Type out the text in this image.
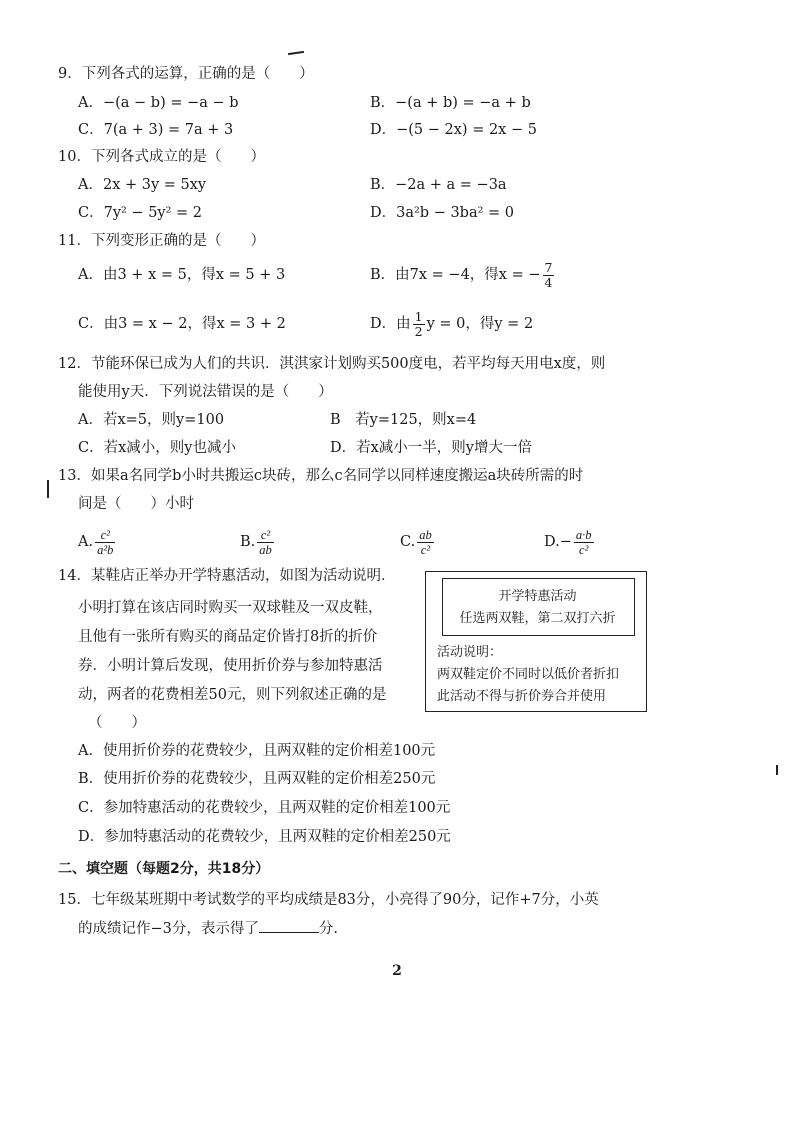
9．下列各式的运算，正确的是（　　）
A．−(a − b) = −a − b	B．−(a + b) = −a + b
C．7(a + 3) = 7a + 3	D．−(5 − 2x) = 2x − 5
10．下列各式成立的是（　　）
A．2x + 3y = 5xy	B．−2a + a = −3a
C．7y² − 5y² = 2	D．3a²b − 3ba² = 0
11．下列变形正确的是（　　）
A．由3 + x = 5，得x = 5 + 3	B．由7x = −4，得x = − $\frac{7}{4}$
C．由3 = x − 2，得x = 3 + 2	D．由 $\frac{1}{2}$ y = 0，得y = 2
12．节能环保已成为人们的共识．淇淇家计划购买500度电，若平均每天用电x度，则
能使用y天．下列说法错误的是（　　）
A．若x=5，则y=100	B　若y=125，则x=4
C．若x减小，则y也减小	D．若x减小一半，则y增大一倍
13．如果a名同学b小时共搬运c块砖，那么c名同学以同样速度搬运a块砖所需的时
间是（　　）小时
A. $\frac{\text{c²}}{\text{a²b}}$	B. $\frac{\text{c²}}{ab}$	C. $\frac{ab}{\text{c²}}$	$D.- \frac{a\cdot b}{\text{c²}}$
14．某鞋店正举办开学特惠活动，如图为活动说明．
小明打算在该店同时购买一双球鞋及一双皮鞋，
且他有一张所有购买的商品定价皆打8折的折价
券．小明计算后发现，使用折价券与参加特惠活
动，两者的花费相差50元，则下列叙述正确的是
（　　）
开学特惠活动
任选两双鞋，第二双打六折
活动说明：
两双鞋定价不同时以低价者折扣
此活动不得与折价券合并使用
A．使用折价券的花费较少，且两双鞋的定价相差100元
B．使用折价券的花费较少，且两双鞋的定价相差250元
C．参加特惠活动的花费较少，且两双鞋的定价相差100元
D．参加特惠活动的花费较少，且两双鞋的定价相差250元
二、填空题（每题2分，共18分）
15．七年级某班期中考试数学的平均成绩是83分，小亮得了90分，记作+7分，小英
的成绩记作−3分，表示得了	分.
2
